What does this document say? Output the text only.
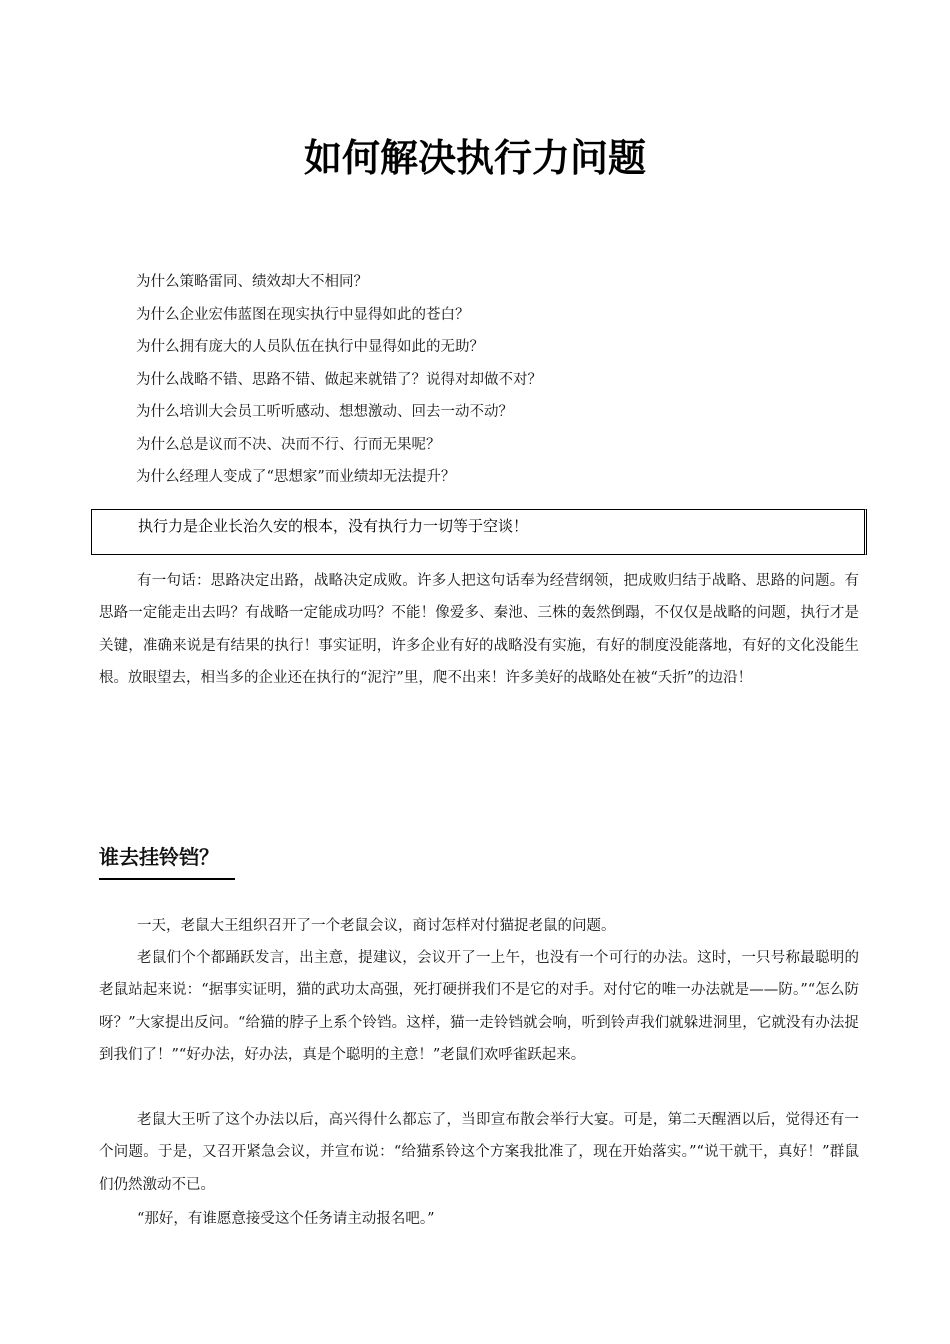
如何解决执行力问题
为什么策略雷同、绩效却大不相同？
为什么企业宏伟蓝图在现实执行中显得如此的苍白？
为什么拥有庞大的人员队伍在执行中显得如此的无助？
为什么战略不错、思路不错、做起来就错了？说得对却做不对？
为什么培训大会员工听听感动、想想激动、回去一动不动？
为什么总是议而不决、决而不行、行而无果呢？
为什么经理人变成了“思想家”而业绩却无法提升？
执行力是企业长治久安的根本，没有执行力一切等于空谈！

有一句话：思路决定出路，战略决定成败。许多人把这句话奉为经营纲领，把成败归结于战略、思路的问题。有思路一定能走出去吗？有战略一定能成功吗？不能！像爱多、秦池、三株的轰然倒蹋，不仅仅是战略的问题，执行才是关键，准确来说是有结果的执行！事实证明，许多企业有好的战略没有实施，有好的制度没能落地，有好的文化没能生根。放眼望去，相当多的企业还在执行的“泥泞”里，爬不出来！许多美好的战略处在被“夭折”的边沿！

谁去挂铃铛？

一天，老鼠大王组织召开了一个老鼠会议，商讨怎样对付猫捉老鼠的问题。

老鼠们个个都踊跃发言，出主意，提建议，会议开了一上午，也没有一个可行的办法。这时，一只号称最聪明的老鼠站起来说：“据事实证明，猫的武功太高强，死打硬拼我们不是它的对手。对付它的唯一办法就是——防。”“怎么防呀？”大家提出反问。“给猫的脖子上系个铃铛。这样，猫一走铃铛就会响，听到铃声我们就躲进洞里，它就没有办法捉到我们了！”“好办法，好办法，真是个聪明的主意！”老鼠们欢呼雀跃起来。

老鼠大王听了这个办法以后，高兴得什么都忘了，当即宣布散会举行大宴。可是，第二天醒酒以后，觉得还有一个问题。于是，又召开紧急会议，并宣布说：“给猫系铃这个方案我批准了，现在开始落实。”“说干就干，真好！”群鼠们仍然激动不已。

“那好，有谁愿意接受这个任务请主动报名吧。”
